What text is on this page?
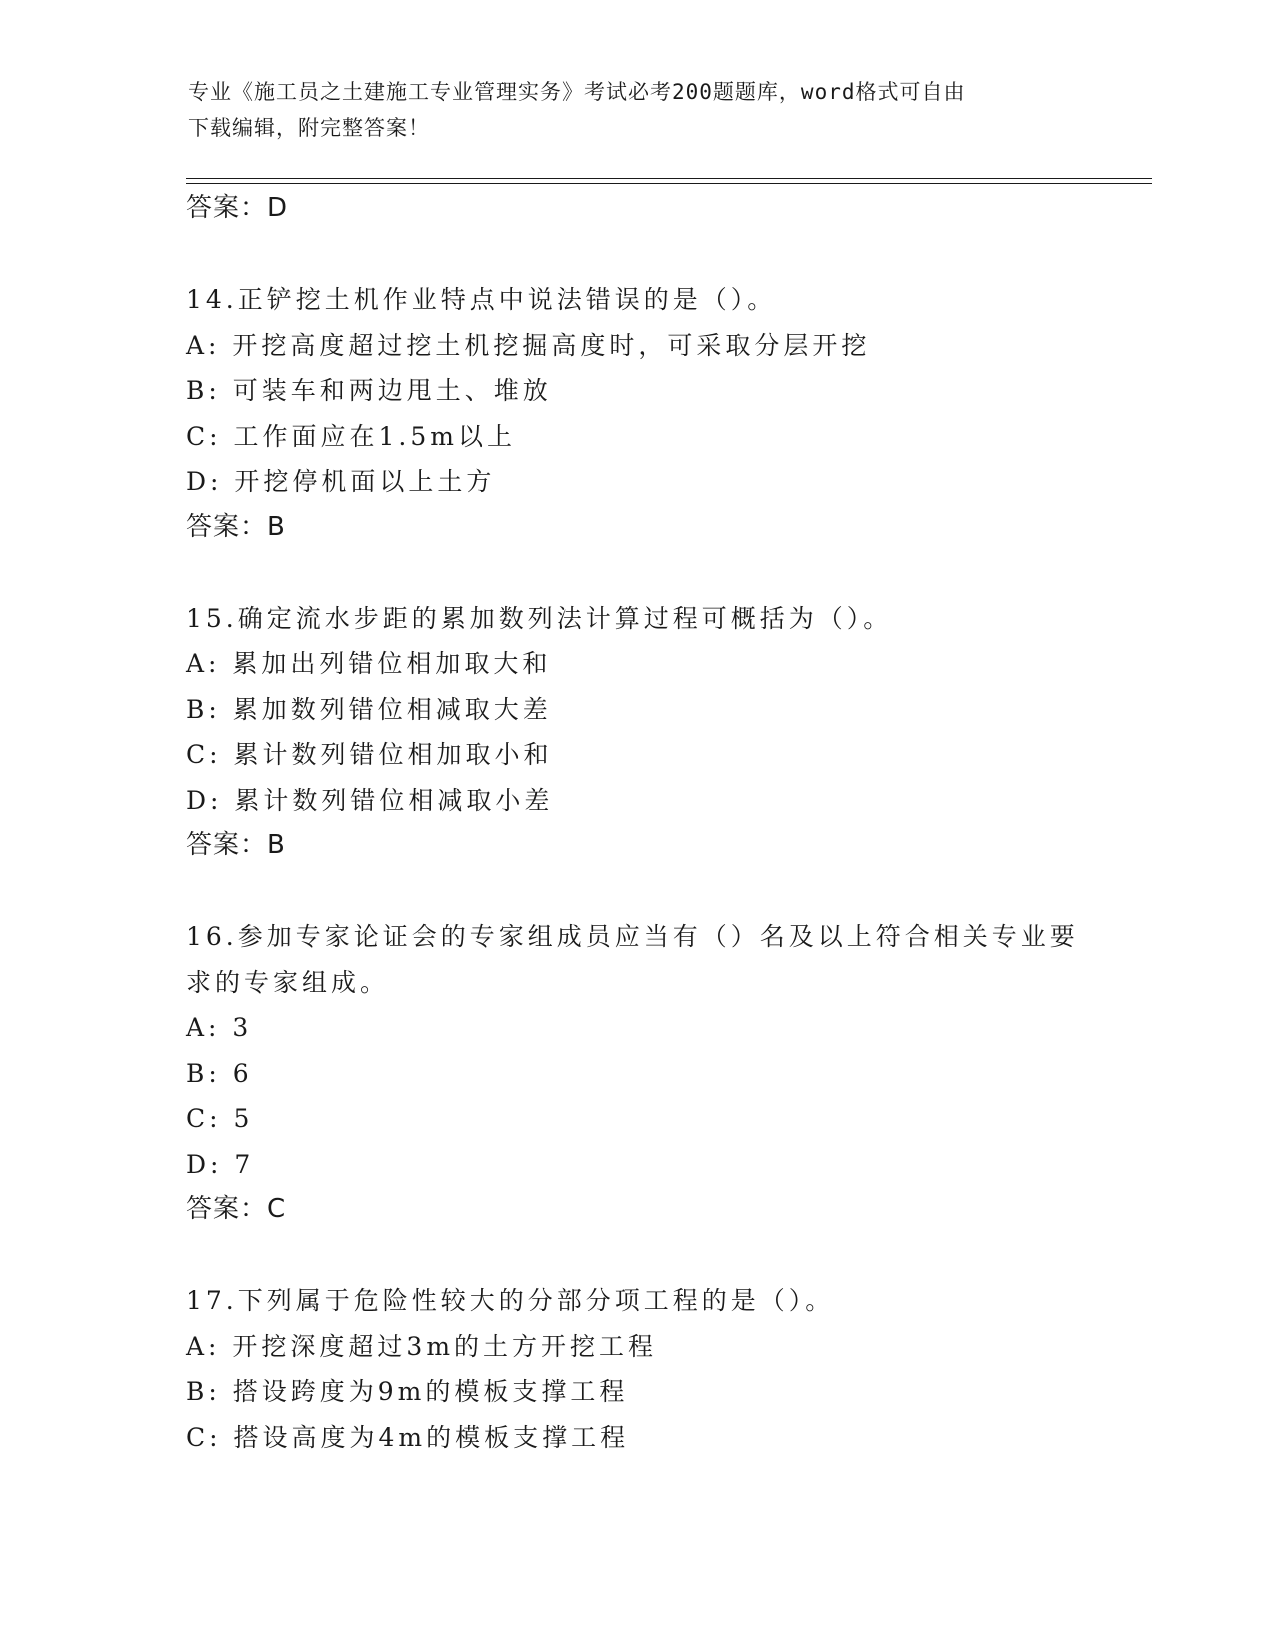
专业《施工员之土建施工专业管理实务》考试必考200题题库，word格式可自由
下载编辑，附完整答案！
答案：D
14.正铲挖土机作业特点中说法错误的是（）。
A: 开挖高度超过挖土机挖掘高度时，可采取分层开挖
B: 可装车和两边甩土、堆放
C: 工作面应在1.5m以上
D: 开挖停机面以上土方
答案：B
15.确定流水步距的累加数列法计算过程可概括为（）。
A: 累加出列错位相加取大和
B: 累加数列错位相减取大差
C: 累计数列错位相加取小和
D: 累计数列错位相减取小差
答案：B
16.参加专家论证会的专家组成员应当有（）名及以上符合相关专业要求的专家组成。
A: 3
B: 6
C: 5
D: 7
答案：C
17.下列属于危险性较大的分部分项工程的是（）。
A: 开挖深度超过3m的土方开挖工程
B: 搭设跨度为9m的模板支撑工程
C: 搭设高度为4m的模板支撑工程
